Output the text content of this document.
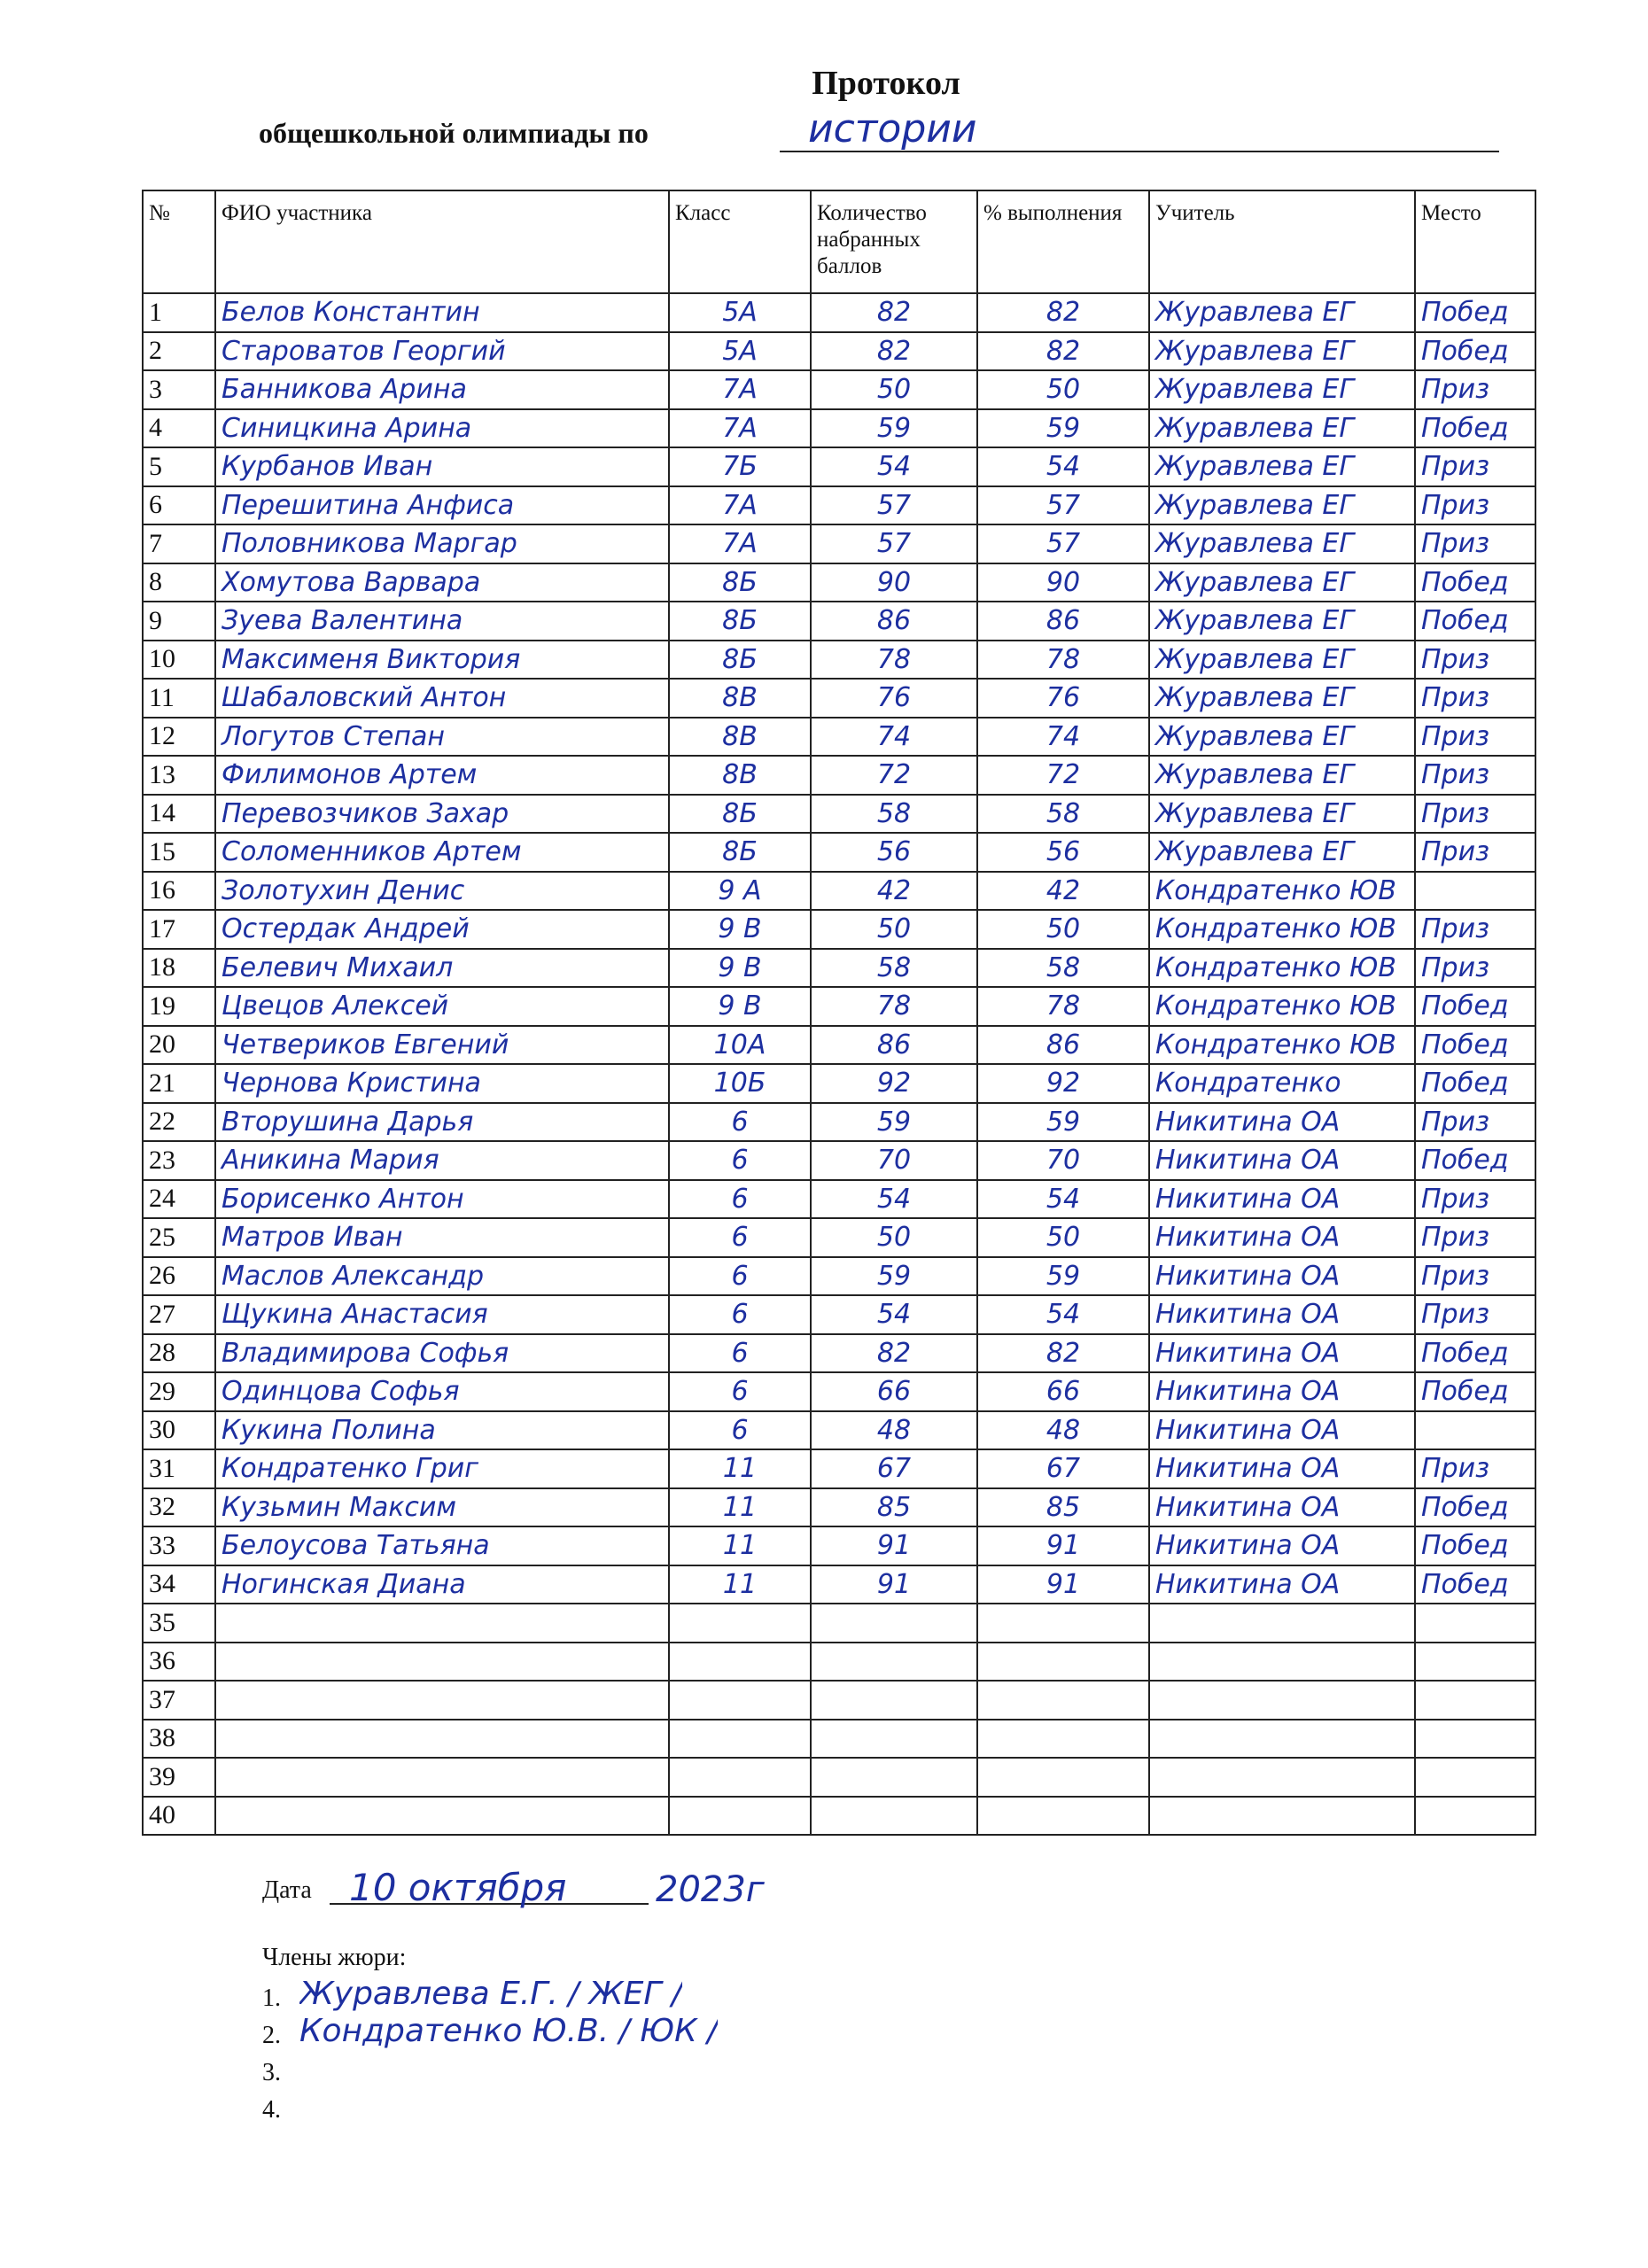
Протокол
общешкольной олимпиады по	истории
№	ФИО участника	Класс	Количество набранных баллов	% выполнения	Учитель	Место
1	Белов Константин	5А	82	82	Журавлева ЕГ	Побед
2	Староватов Георгий	5А	82	82	Журавлева ЕГ	Побед
3	Банникова Арина	7А	50	50	Журавлева ЕГ	Приз
4	Синицкина Арина	7А	59	59	Журавлева ЕГ	Побед
5	Курбанов Иван	7Б	54	54	Журавлева ЕГ	Приз
6	Перешитина Анфиса	7А	57	57	Журавлева ЕГ	Приз
7	Половникова Маргар	7А	57	57	Журавлева ЕГ	Приз
8	Хомутова Варвара	8Б	90	90	Журавлева ЕГ	Побед
9	Зуева Валентина	8Б	86	86	Журавлева ЕГ	Побед
10	Максименя Виктория	8Б	78	78	Журавлева ЕГ	Приз
11	Шабаловский Антон	8В	76	76	Журавлева ЕГ	Приз
12	Логутов Степан	8В	74	74	Журавлева ЕГ	Приз
13	Филимонов Артем	8В	72	72	Журавлева ЕГ	Приз
14	Перевозчиков Захар	8Б	58	58	Журавлева ЕГ	Приз
15	Соломенников Артем	8Б	56	56	Журавлева ЕГ	Приз
16	Золотухин Денис	9 А	42	42	Кондратенко ЮВ	
17	Остердак Андрей	9 В	50	50	Кондратенко ЮВ	Приз
18	Белевич Михаил	9 В	58	58	Кондратенко ЮВ	Приз
19	Цвецов Алексей	9 В	78	78	Кондратенко ЮВ	Побед
20	Четвериков Евгений	10А	86	86	Кондратенко ЮВ	Побед
21	Чернова Кристина	10Б	92	92	Кондратенко	Побед
22	Вторушина Дарья	6	59	59	Никитина ОА	Приз
23	Аникина Мария	6	70	70	Никитина ОА	Побед
24	Борисенко Антон	6	54	54	Никитина ОА	Приз
25	Матров Иван	6	50	50	Никитина ОА	Приз
26	Маслов Александр	6	59	59	Никитина ОА	Приз
27	Щукина Анастасия	6	54	54	Никитина ОА	Приз
28	Владимирова Софья	6	82	82	Никитина ОА	Побед
29	Одинцова Софья	6	66	66	Никитина ОА	Побед
30	Кукина Полина	6	48	48	Никитина ОА	
31	Кондратенко Григ	11	67	67	Никитина ОА	Приз
32	Кузьмин Максим	11	85	85	Никитина ОА	Побед
33	Белоусова Татьяна	11	91	91	Никитина ОА	Побед
34	Ногинская Диана	11	91	91	Никитина ОА	Побед
35						
36						
37						
38						
39						
40						
Дата 10 октября	2023г
Члены жюри:
1. Журавлева Е.Г. / ЖЕГ /
2. Кондратенко Ю.В. / ЮК /
3.
4.
